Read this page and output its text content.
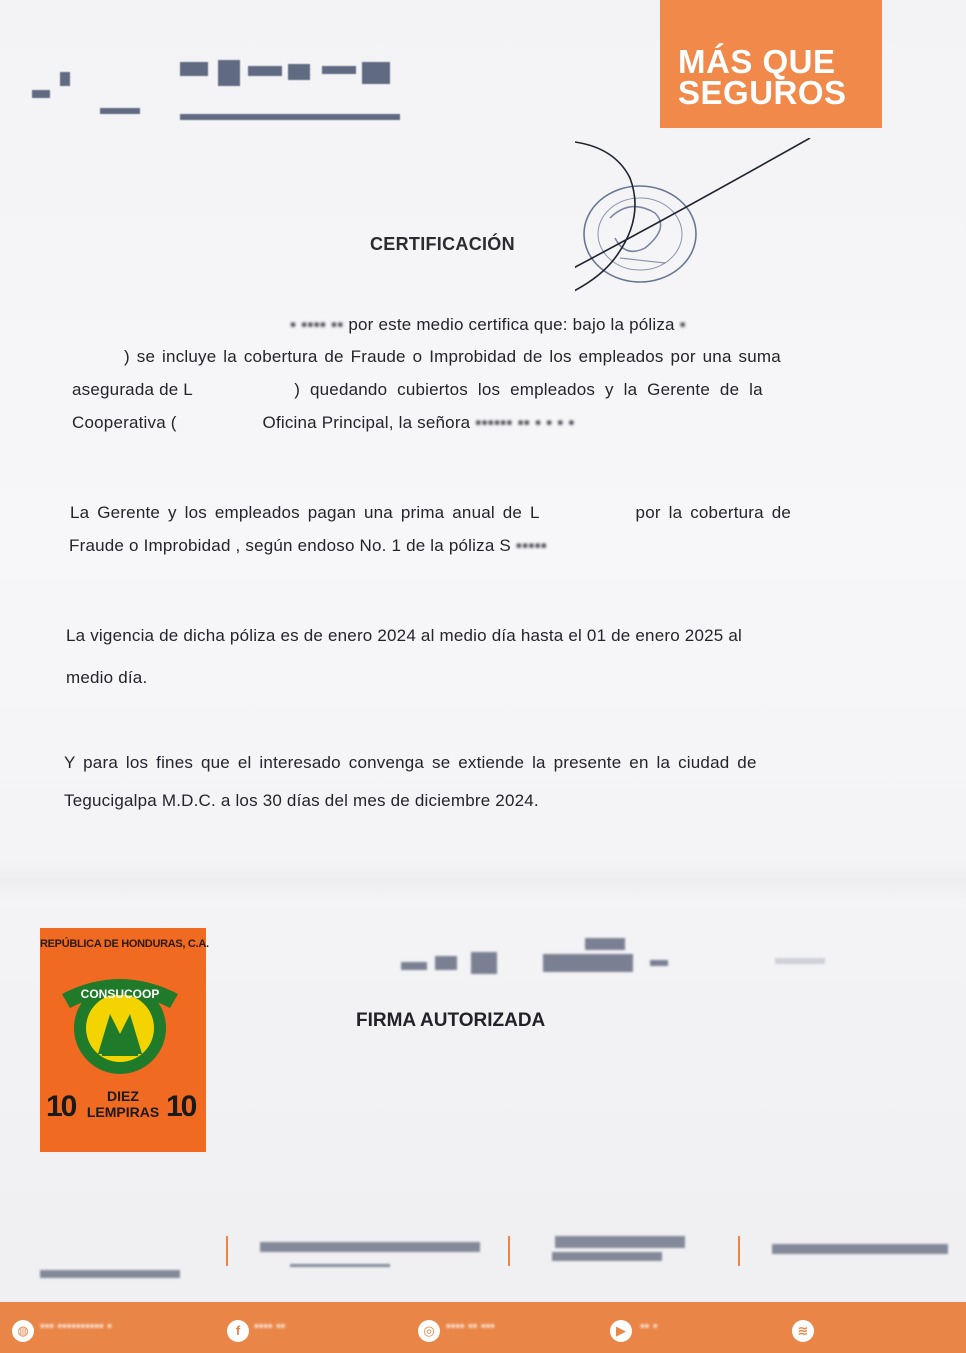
MÁS QUE
SEGUROS
CERTIFICACIÓN
▪ ▪▪▪▪ ▪▪ por este medio certifica que: bajo la póliza ▪
) se incluye la cobertura de Fraude o Improbidad de los empleados por una suma
asegurada de L	) quedando cubiertos los empleados y la Gerente de la
Cooperativa (	Oficina Principal, la señora ▪▪▪▪▪▪ ▪▪ ▪ ▪ ▪ ▪
La Gerente y los empleados pagan una prima anual de L	por la cobertura de
Fraude o Improbidad , según endoso No. 1 de la póliza S ▪▪▪▪▪
La vigencia de dicha póliza es de enero 2024 al medio día hasta el 01 de enero 2025 al
medio día.
Y para los fines que el interesado convenga se extiende la presente en la ciudad de
Tegucigalpa M.D.C. a los 30 días del mes de diciembre 2024.
REPÚBLICA DE HONDURAS, C.A.
CONSUCOOP
10	DIEZ
LEMPIRAS 10
FIRMA AUTORIZADA
◍ ▪▪▪ ▪▪▪▪▪▪▪▪▪▪ ▪	f	▪▪▪▪ ▪▪	◎ ▪▪▪▪ ▪▪ ▪▪▪	▶	▪▪ ▪	≋
